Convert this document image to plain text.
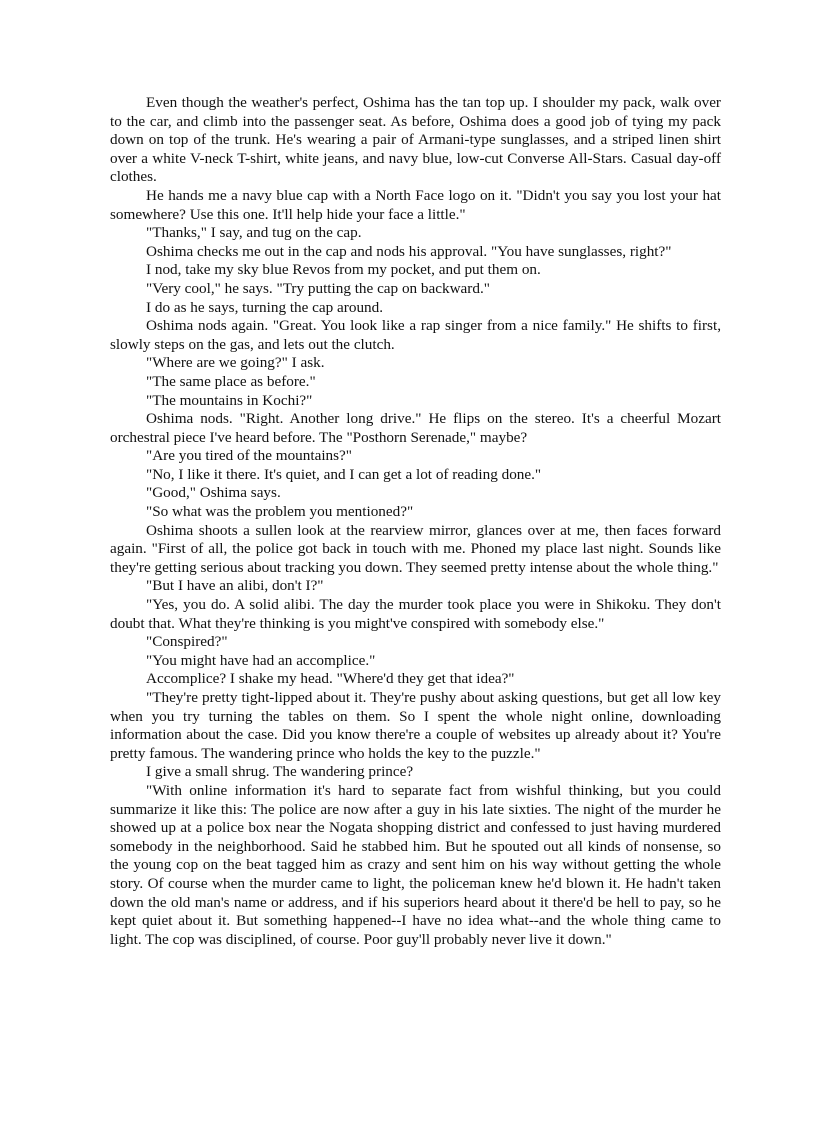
Even though the weather's perfect, Oshima has the tan top up. I shoulder my pack, walk over to the car, and climb into the passenger seat. As before, Oshima does a good job of tying my pack down on top of the trunk. He's wearing a pair of Armani-type sunglasses, and a striped linen shirt over a white V-neck T-shirt, white jeans, and navy blue, low-cut Converse All-Stars. Casual day-off clothes.

He hands me a navy blue cap with a North Face logo on it. "Didn't you say you lost your hat somewhere? Use this one. It'll help hide your face a little."

"Thanks," I say, and tug on the cap.

Oshima checks me out in the cap and nods his approval. "You have sunglasses, right?"

I nod, take my sky blue Revos from my pocket, and put them on.

"Very cool," he says. "Try putting the cap on backward."

I do as he says, turning the cap around.

Oshima nods again. "Great. You look like a rap singer from a nice family." He shifts to first, slowly steps on the gas, and lets out the clutch.

"Where are we going?" I ask.

"The same place as before."

"The mountains in Kochi?"

Oshima nods. "Right. Another long drive." He flips on the stereo. It's a cheerful Mozart orchestral piece I've heard before. The "Posthorn Serenade," maybe?

"Are you tired of the mountains?"

"No, I like it there. It's quiet, and I can get a lot of reading done."

"Good," Oshima says.

"So what was the problem you mentioned?"

Oshima shoots a sullen look at the rearview mirror, glances over at me, then faces forward again. "First of all, the police got back in touch with me. Phoned my place last night. Sounds like they're getting serious about tracking you down. They seemed pretty intense about the whole thing."

"But I have an alibi, don't I?"

"Yes, you do. A solid alibi. The day the murder took place you were in Shikoku. They don't doubt that. What they're thinking is you might've conspired with somebody else."

"Conspired?"

"You might have had an accomplice."

Accomplice? I shake my head. "Where'd they get that idea?"

"They're pretty tight-lipped about it. They're pushy about asking questions, but get all low key when you try turning the tables on them. So I spent the whole night online, downloading information about the case. Did you know there're a couple of websites up already about it? You're pretty famous. The wandering prince who holds the key to the puzzle."

I give a small shrug. The wandering prince?

"With online information it's hard to separate fact from wishful thinking, but you could summarize it like this: The police are now after a guy in his late sixties. The night of the murder he showed up at a police box near the Nogata shopping district and confessed to just having murdered somebody in the neighborhood. Said he stabbed him. But he spouted out all kinds of nonsense, so the young cop on the beat tagged him as crazy and sent him on his way without getting the whole story. Of course when the murder came to light, the policeman knew he'd blown it. He hadn't taken down the old man's name or address, and if his superiors heard about it there'd be hell to pay, so he kept quiet about it. But something happened--I have no idea what--and the whole thing came to light. The cop was disciplined, of course. Poor guy'll probably never live it down."
